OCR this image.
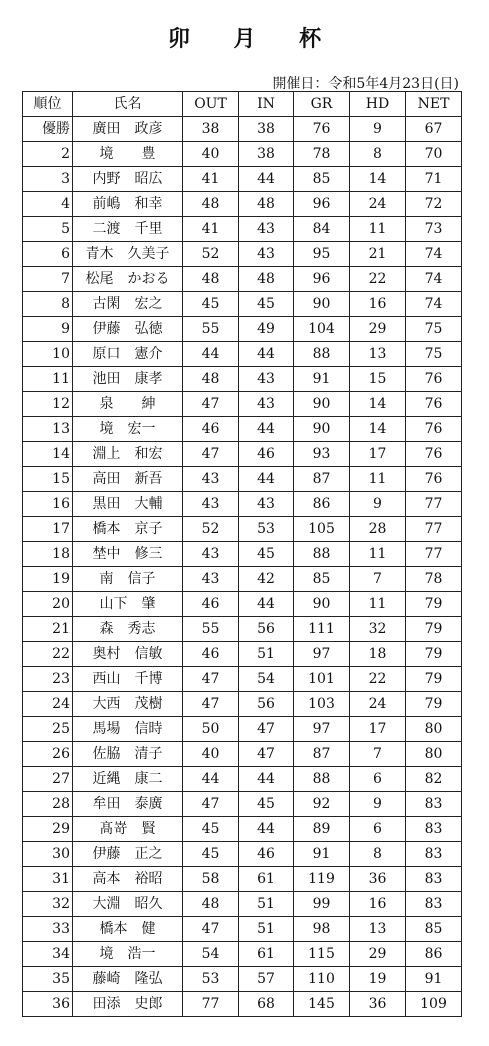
卯 月 杯
開催日：令和5年4月23日(日)
順位	氏名	OUT	IN	GR	HD	NET
優勝	廣田　政彦	38	38	76	9	67
2	境　　豊	40	38	78	8	70
3	内野　昭広	41	44	85	14	71
4	前嶋　和幸	48	48	96	24	72
5	二渡　千里	41	43	84	11	73
6	青木　久美子	52	43	95	21	74
7	松尾　かおる	48	48	96	22	74
8	古閑　宏之	45	45	90	16	74
9	伊藤　弘徳	55	49	104	29	75
10	原口　憲介	44	44	88	13	75
11	池田　康孝	48	43	91	15	76
12	泉　　紳	47	43	90	14	76
13	境　宏一	46	44	90	14	76
14	淵上　和宏	47	46	93	17	76
15	高田　新吾	43	44	87	11	76
16	黒田　大輔	43	43	86	9	77
17	橋本　京子	52	53	105	28	77
18	埜中　修三	43	45	88	11	77
19	南　信子	43	42	85	7	78
20	山下　肇	46	44	90	11	79
21	森　秀志	55	56	111	32	79
22	奥村　信敏	46	51	97	18	79
23	西山　千博	47	54	101	22	79
24	大西　茂樹	47	56	103	24	79
25	馬場　信時	50	47	97	17	80
26	佐脇　清子	40	47	87	7	80
27	近縄　康二	44	44	88	6	82
28	牟田　泰廣	47	45	92	9	83
29	髙嵜　賢	45	44	89	6	83
30	伊藤　正之	45	46	91	8	83
31	高本　裕昭	58	61	119	36	83
32	大淵　昭久	48	51	99	16	83
33	橋本　健	47	51	98	13	85
34	境　浩一	54	61	115	29	86
35	藤崎　隆弘	53	57	110	19	91
36	田添　史郎	77	68	145	36	109
